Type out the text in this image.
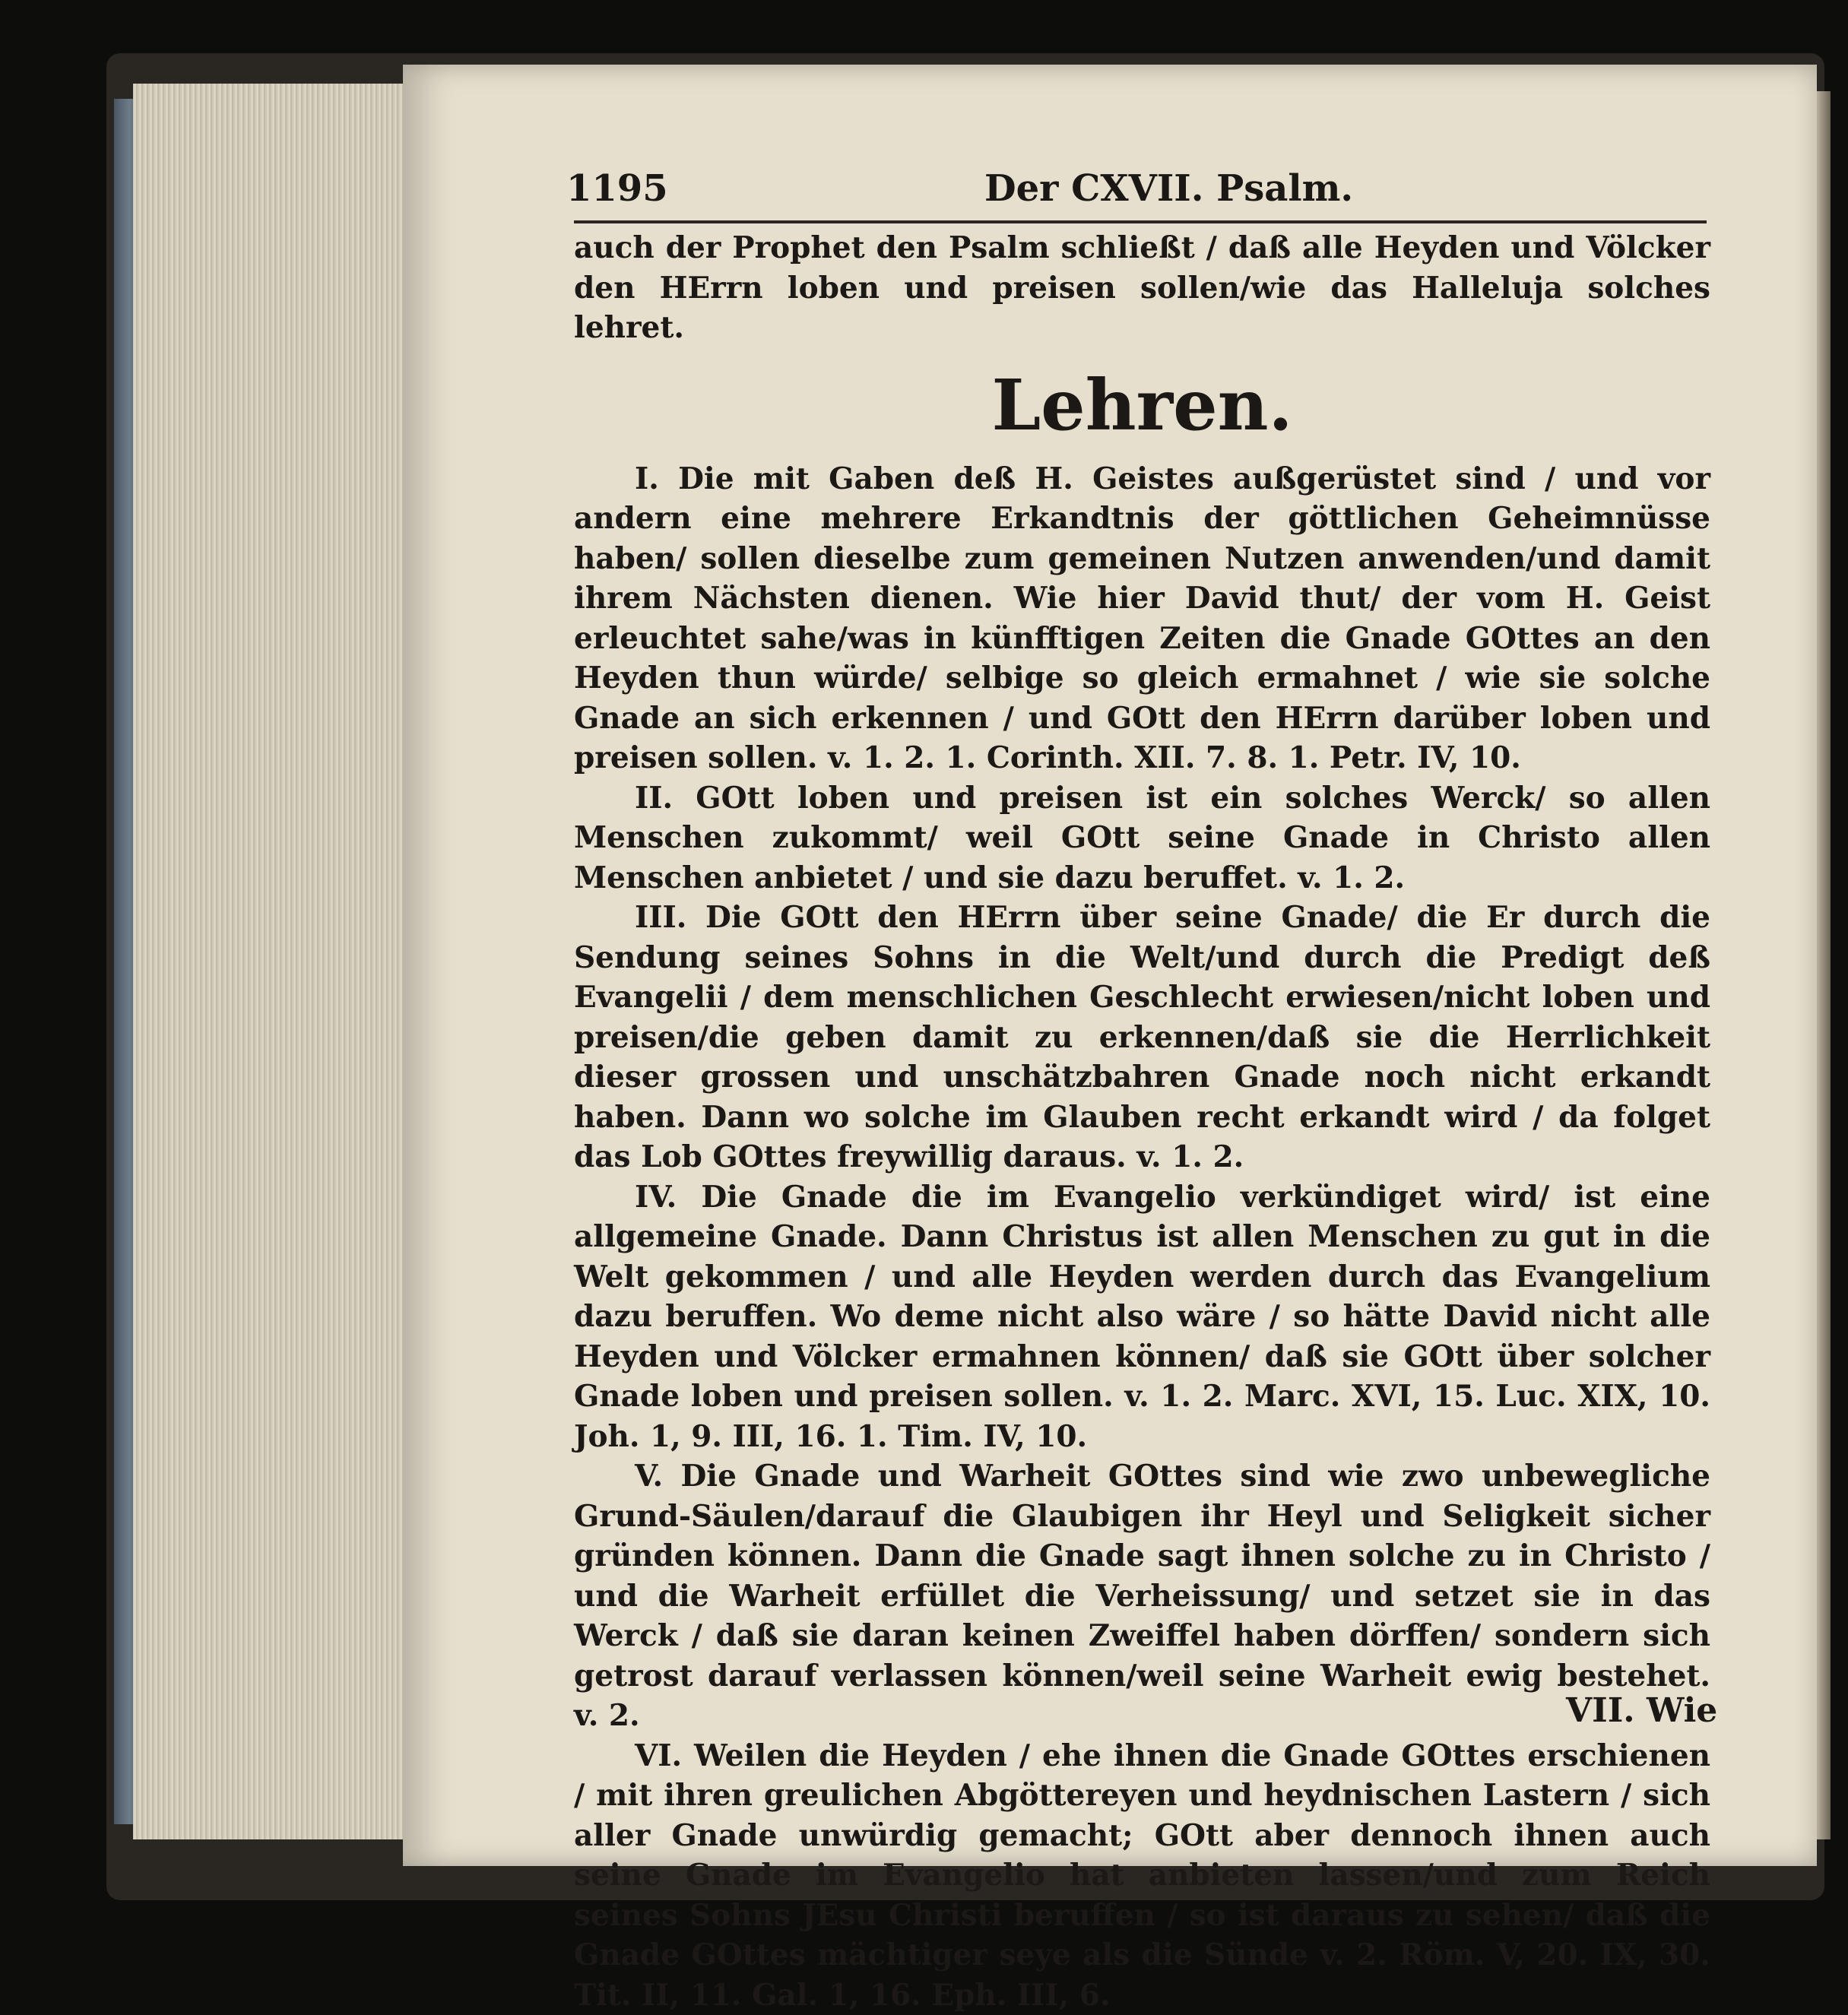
1195	Der CXVII. Psalm.

auch der Prophet den Psalm schließt / daß alle Heyden und Völcker den HErrn loben und preisen sollen/wie das Halleluja solches lehret.

Lehren.

I. Die mit Gaben deß H. Geistes außgerüstet sind / und vor andern eine mehrere Erkandtnis der göttlichen Geheimnüsse haben/ sollen dieselbe zum gemeinen Nutzen anwenden/und damit ihrem Nächsten dienen. Wie hier David thut/ der vom H. Geist erleuchtet sahe/was in künfftigen Zeiten die Gnade GOttes an den Heyden thun würde/ selbige so gleich ermahnet / wie sie solche Gnade an sich erkennen / und GOtt den HErrn darüber loben und preisen sollen. v. 1. 2. 1. Corinth. XII. 7. 8. 1. Petr. IV, 10.

II. GOtt loben und preisen ist ein solches Werck/ so allen Menschen zukommt/ weil GOtt seine Gnade in Christo allen Menschen anbietet / und sie dazu beruffet. v. 1. 2.

III. Die GOtt den HErrn über seine Gnade/ die Er durch die Sendung seines Sohns in die Welt/und durch die Predigt deß Evangelii / dem menschlichen Geschlecht erwiesen/nicht loben und preisen/die geben damit zu erkennen/daß sie die Herrlichkeit dieser grossen und unschätzbahren Gnade noch nicht erkandt haben. Dann wo solche im Glauben recht erkandt wird / da folget das Lob GOttes freywillig daraus. v. 1. 2.

IV. Die Gnade die im Evangelio verkündiget wird/ ist eine allgemeine Gnade. Dann Christus ist allen Menschen zu gut in die Welt gekommen / und alle Heyden werden durch das Evangelium dazu beruffen. Wo deme nicht also wäre / so hätte David nicht alle Heyden und Völcker ermahnen können/ daß sie GOtt über solcher Gnade loben und preisen sollen. v. 1. 2. Marc. XVI, 15. Luc. XIX, 10. Joh. 1, 9. III, 16. 1. Tim. IV, 10.

V. Die Gnade und Warheit GOttes sind wie zwo unbewegliche Grund-Säulen/darauf die Glaubigen ihr Heyl und Seligkeit sicher gründen können. Dann die Gnade sagt ihnen solche zu in Christo / und die Warheit erfüllet die Verheissung/ und setzet sie in das Werck / daß sie daran keinen Zweiffel haben dörffen/ sondern sich getrost darauf verlassen können/weil seine Warheit ewig bestehet. v. 2.

VI. Weilen die Heyden / ehe ihnen die Gnade GOttes erschienen / mit ihren greulichen Abgöttereyen und heydnischen Lastern / sich aller Gnade unwürdig gemacht; GOtt aber dennoch ihnen auch seine Gnade im Evangelio hat anbieten lassen/und zum Reich seines Sohns JEsu Christi beruffen / so ist daraus zu sehen/ daß die Gnade GOttes mächtiger seye als die Sünde v. 2. Röm. V, 20. IX, 30. Tit. II, 11. Gal. 1, 16. Eph. III, 6.

VII. Wie
